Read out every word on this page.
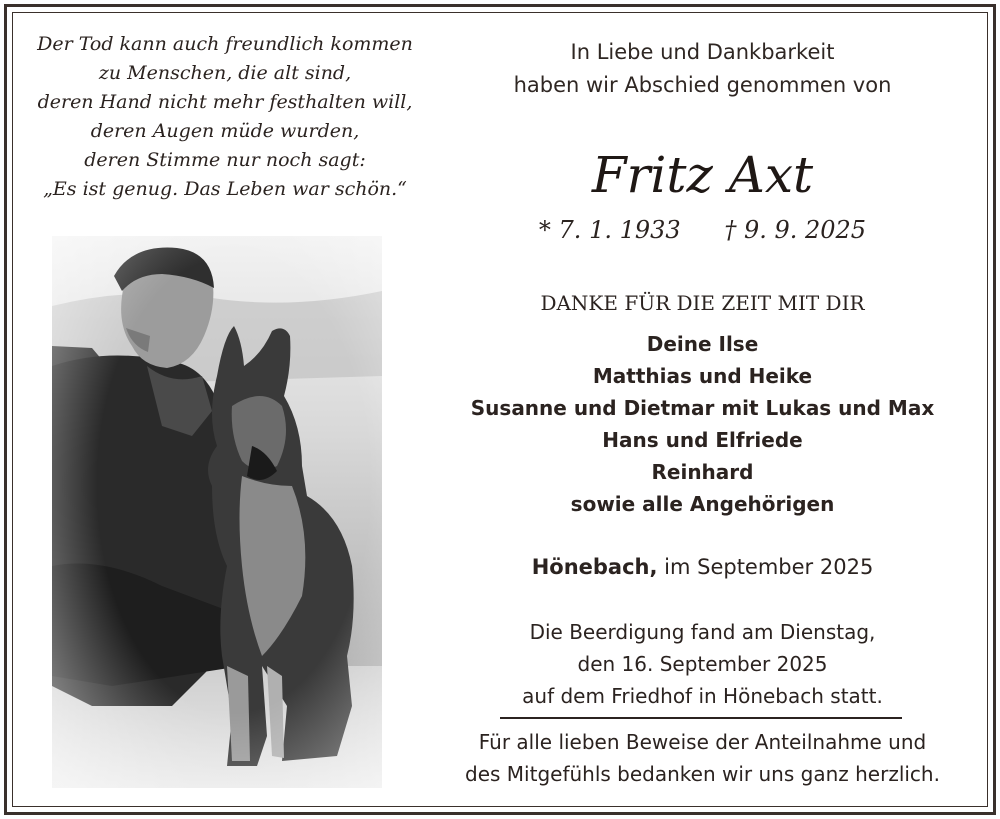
Der Tod kann auch freundlich kommen
zu Menschen, die alt sind,
deren Hand nicht mehr festhalten will,
deren Augen müde wurden,
deren Stimme nur noch sagt:
„Es ist genug. Das Leben war schön.“
In Liebe und Dankbarkeit
haben wir Abschied genommen von
Fritz Axt
* 7. 1. 1933 † 9. 9. 2025
DANKE FÜR DIE ZEIT MIT DIR
Deine Ilse
Matthias und Heike
Susanne und Dietmar mit Lukas und Max
Hans und Elfriede
Reinhard
sowie alle Angehörigen
Hönebach, im September 2025
Die Beerdigung fand am Dienstag,
den 16. September 2025
auf dem Friedhof in Hönebach statt.
Für alle lieben Beweise der Anteilnahme und
des Mitgefühls bedanken wir uns ganz herzlich.
